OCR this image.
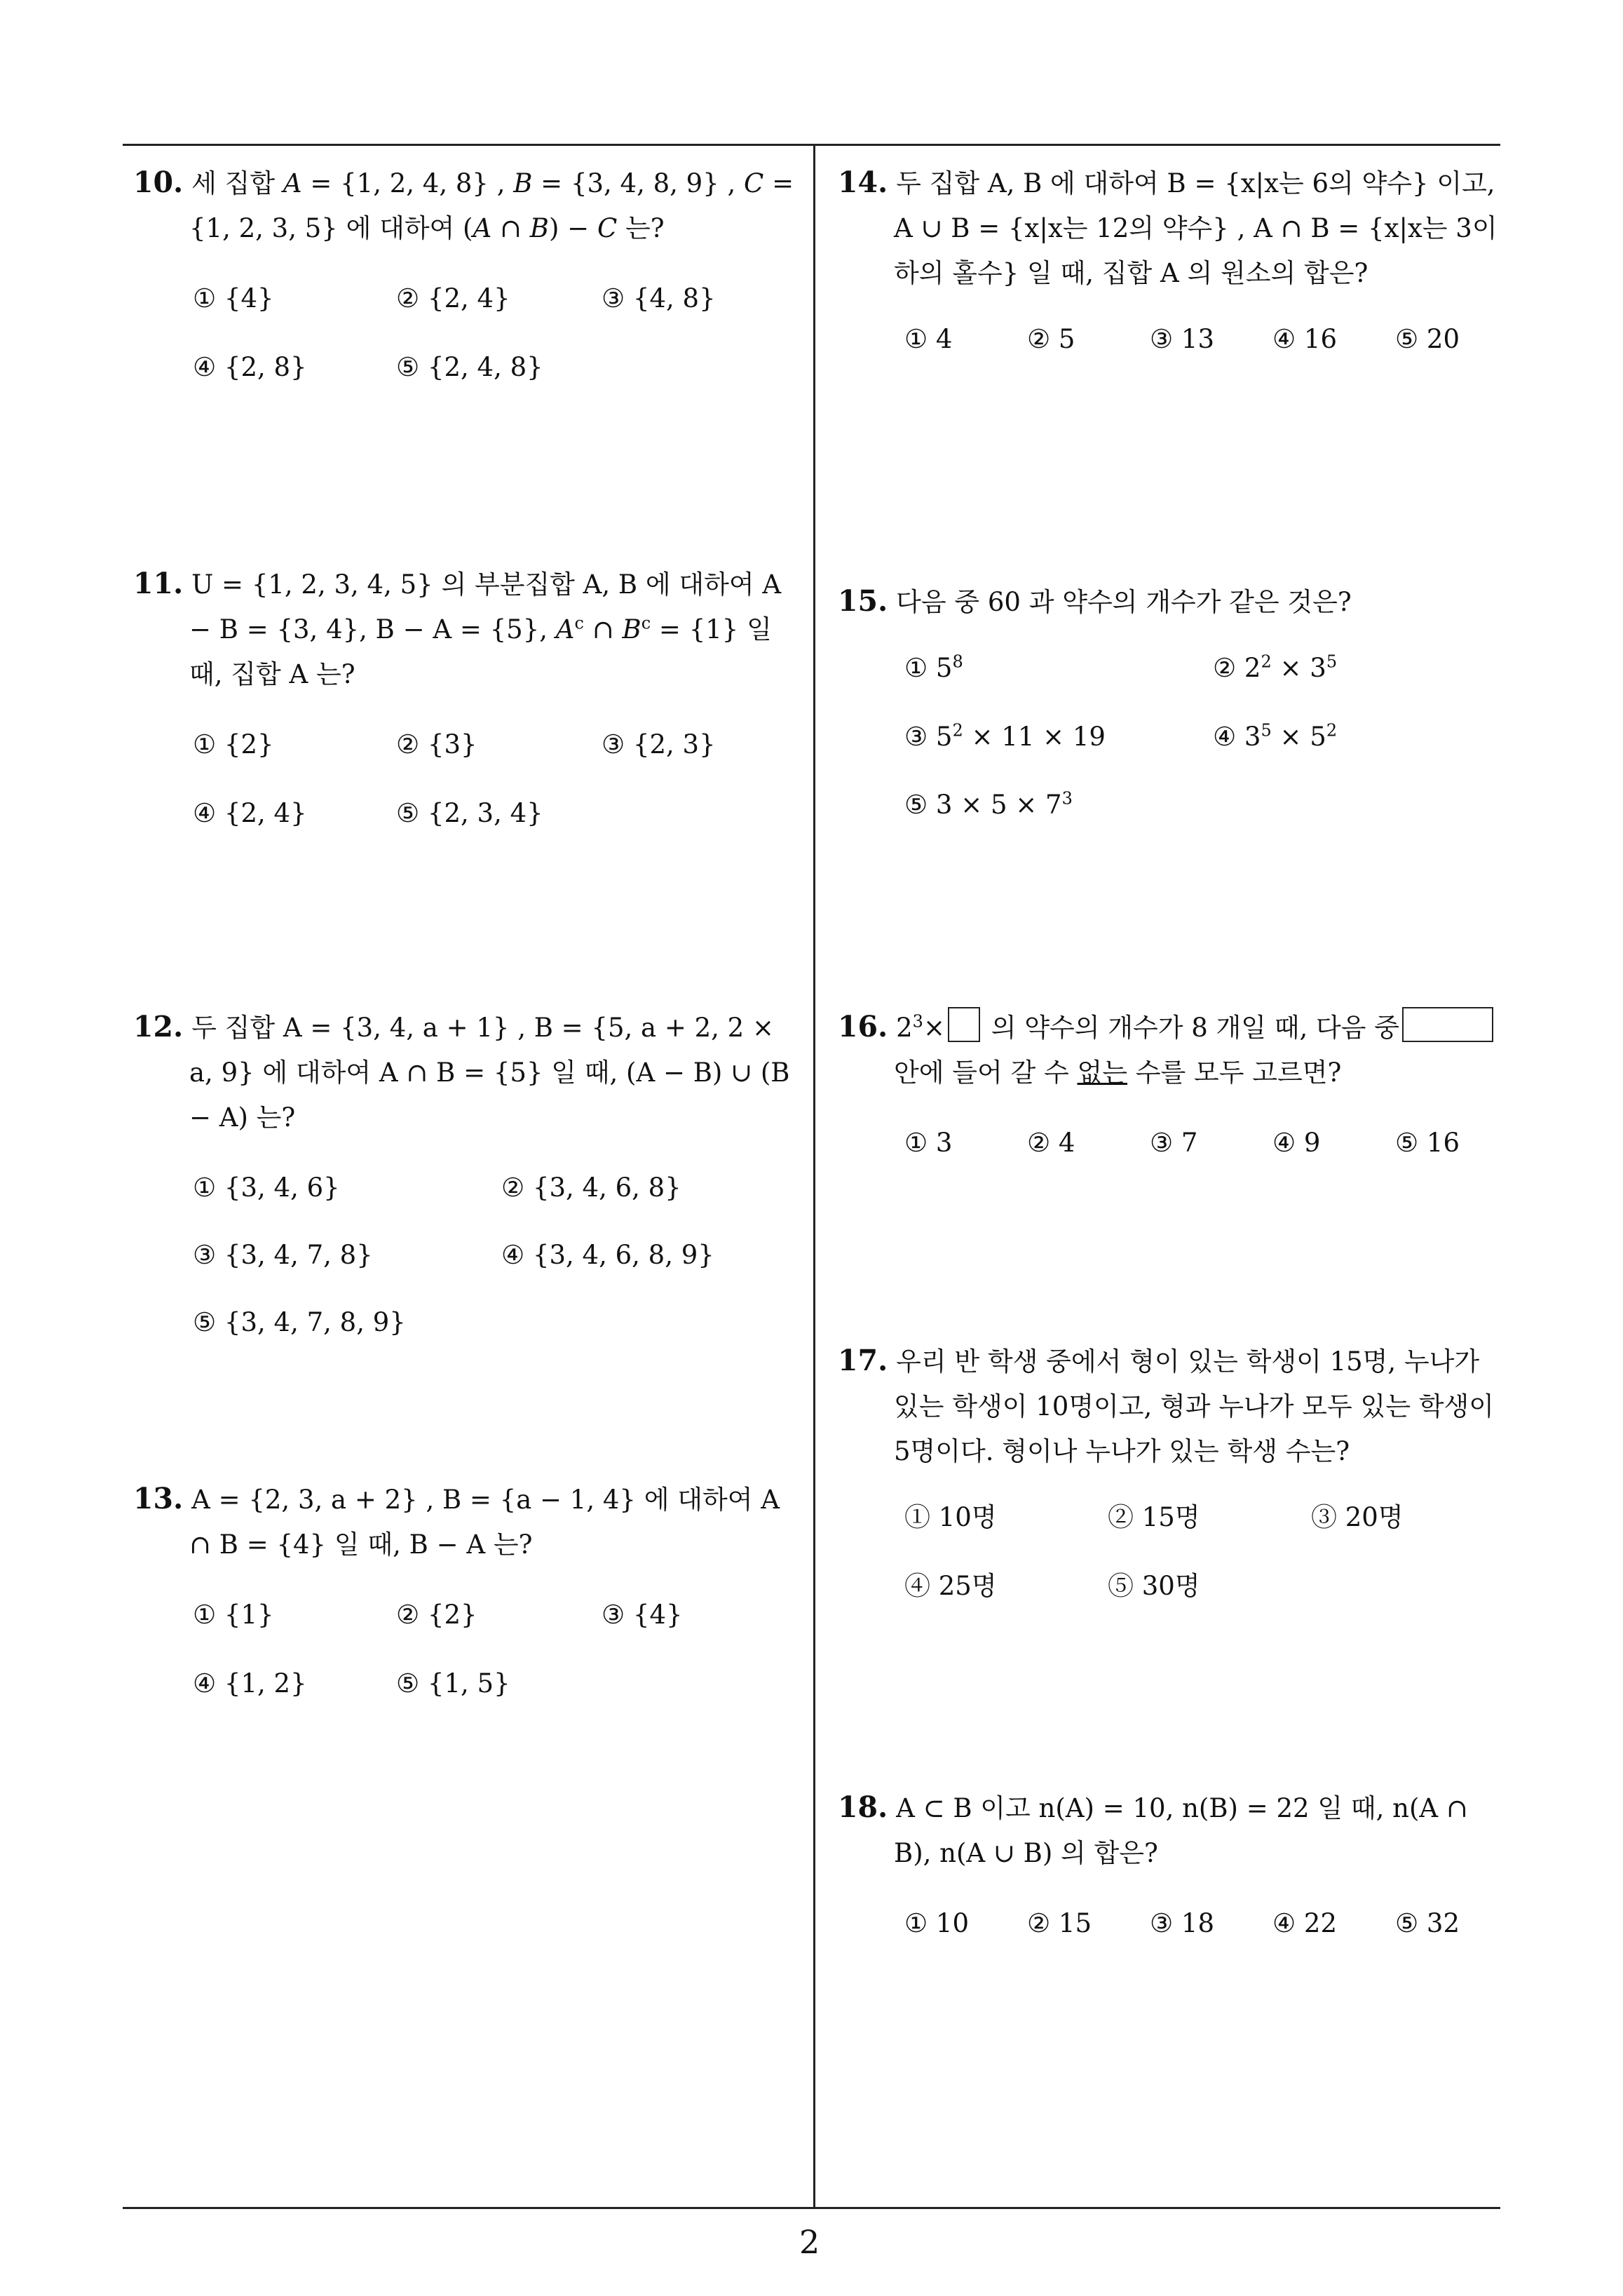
10. 세 집합 A = {1, 2, 4, 8} , B = {3, 4, 8, 9} , C = {1, 2, 3, 5} 에 대하여 (A ∩ B) − C 는?
① {4}	② {2, 4}	③ {4, 8}
④ {2, 8}	⑤ {2, 4, 8}
11. U = {1, 2, 3, 4, 5} 의 부분집합 A, B 에 대하여 A − B = {3, 4}, B − A = {5}, $A^c$ ∩ $B^c = \{1\}$ 일 때, 집합 A 는?
① {2}	② {3}	③ {2, 3}
④ {2, 4}	⑤ {2, 3, 4}
12. 두 집합 A = {3, 4, a + 1} , B = {5, a + 2, 2 × a, 9} 에 대하여 A ∩ B = {5} 일 때, (A − B) ∪ (B − A) 는?
① {3, 4, 6}	② {3, 4, 6, 8}
③ {3, 4, 7, 8}	④ {3, 4, 6, 8, 9}
⑤ {3, 4, 7, 8, 9}
13. A = {2, 3, a + 2} , B = {a − 1, 4} 에 대하여 A ∩ B = {4} 일 때, B − A 는?
① {1}	② {2}	③ {4}
④ {1, 2}	⑤ {1, 5}
14. 두 집합 A, B 에 대하여 B = {x|x는 6의 약수} 이고, A ∪ B = {x|x는 12의 약수} , A ∩ B = {x|x는 3이하의 홀수} 일 때, 집합 A 의 원소의 합은?
① 4	② 5	③ 13 ④ 16 ⑤ 20
15. 다음 중 60 과 약수의 개수가 같은 것은?
① $5^8$	② $2^2 \times 3^5$
③ $5^2 \times 11 \times 19$	④ $3^5 \times 5^2$
⑤ $3 \times 5 \times 7^3$
16. $2^3\times$ 의 약수의 개수가 8 개일 때, 다음 중
안에 들어 갈 수 없는 수를 모두 고르면?
① 3	② 4	③ 7	④ 9	⑤ 16
17. 우리 반 학생 중에서 형이 있는 학생이 15명, 누나가 있는 학생이 10명이고, 형과 누나가 모두 있는 학생이 5명이다. 형이나 누나가 있는 학생 수는?
① 10명	② 15명	③ 20명
④ 25명	⑤ 30명
18. A ⊂ B 이고 n(A) = 10, n(B) = 22 일 때, n(A ∩ B), n(A ∪ B) 의 합은?
① 10 ② 15 ③ 18 ④ 22 ⑤ 32
2
